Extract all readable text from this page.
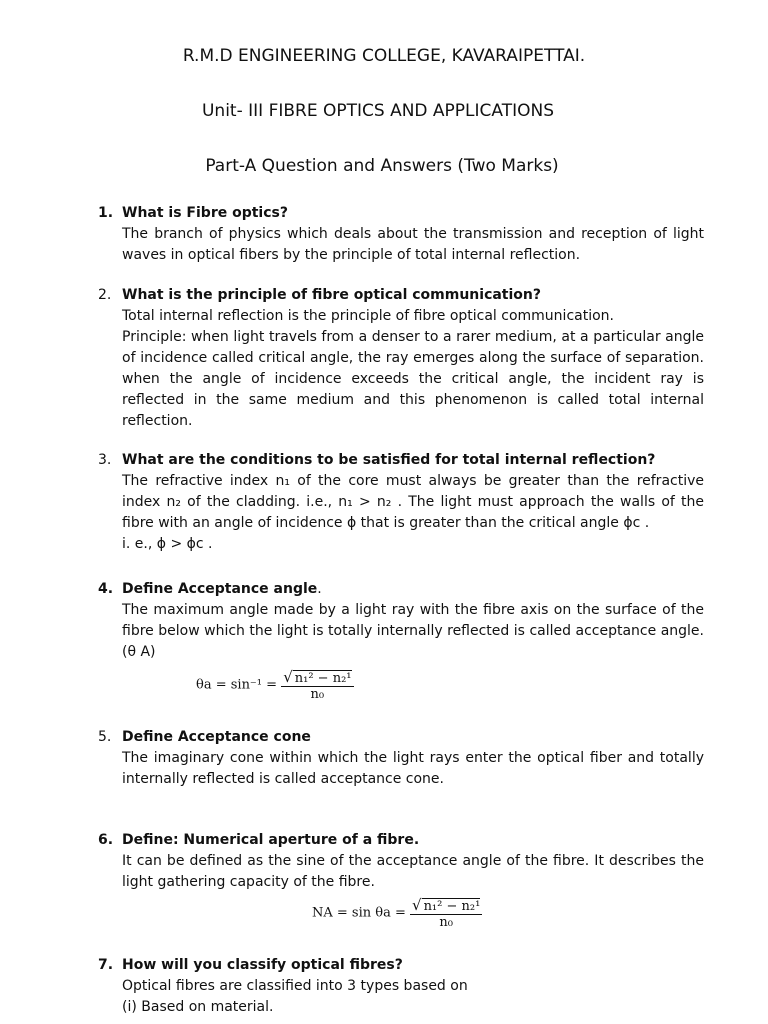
R.M.D ENGINEERING COLLEGE, KAVARAIPETTAI.
Unit- III FIBRE OPTICS AND APPLICATIONS
Part-A Question and Answers (Two Marks)
1. What is Fibre optics?

The branch of physics which deals about the transmission and reception of light waves in optical fibers by the principle of total internal reflection.

2. What is the principle of fibre optical communication?

Total internal reflection is the principle of fibre optical communication.

Principle: when light travels from a denser to a rarer medium, at a particular angle of incidence called critical angle, the ray emerges along the surface of separation. when the angle of incidence exceeds the critical angle, the incident ray is reflected in the same medium and this phenomenon is called total internal reflection.

3. What are the conditions to be satisfied for total internal reflection?

The refractive index n₁ of the core must always be greater than the refractive index n₂ of the cladding. i.e., n₁ > n₂ . The light must approach the walls of the fibre with an angle of incidence ϕ that is greater than the critical angle ϕc .

i. e., ϕ > ϕc .

4. Define Acceptance angle.

The maximum angle made by a light ray with the fibre axis on the surface of the fibre below which the light is totally internally reflected is called acceptance angle. (θ A)

$\theta a = \sin^{-1} = \frac{\text{√ n₁² − n₂¹}}{\text{n₀}}$
5. Define Acceptance cone

The imaginary cone within which the light rays enter the optical fiber and totally internally reflected is called acceptance cone.

6. Define: Numerical aperture of a fibre.

It can be defined as the sine of the acceptance angle of the fibre. It describes the light gathering capacity of the fibre.

NA = $\sin \theta a = \frac{\text{√ n₁² − n₂¹}}{\text{n₀}}$
7. How will you classify optical fibres?

Optical fibres are classified into 3 types based on

(i) Based on material.
